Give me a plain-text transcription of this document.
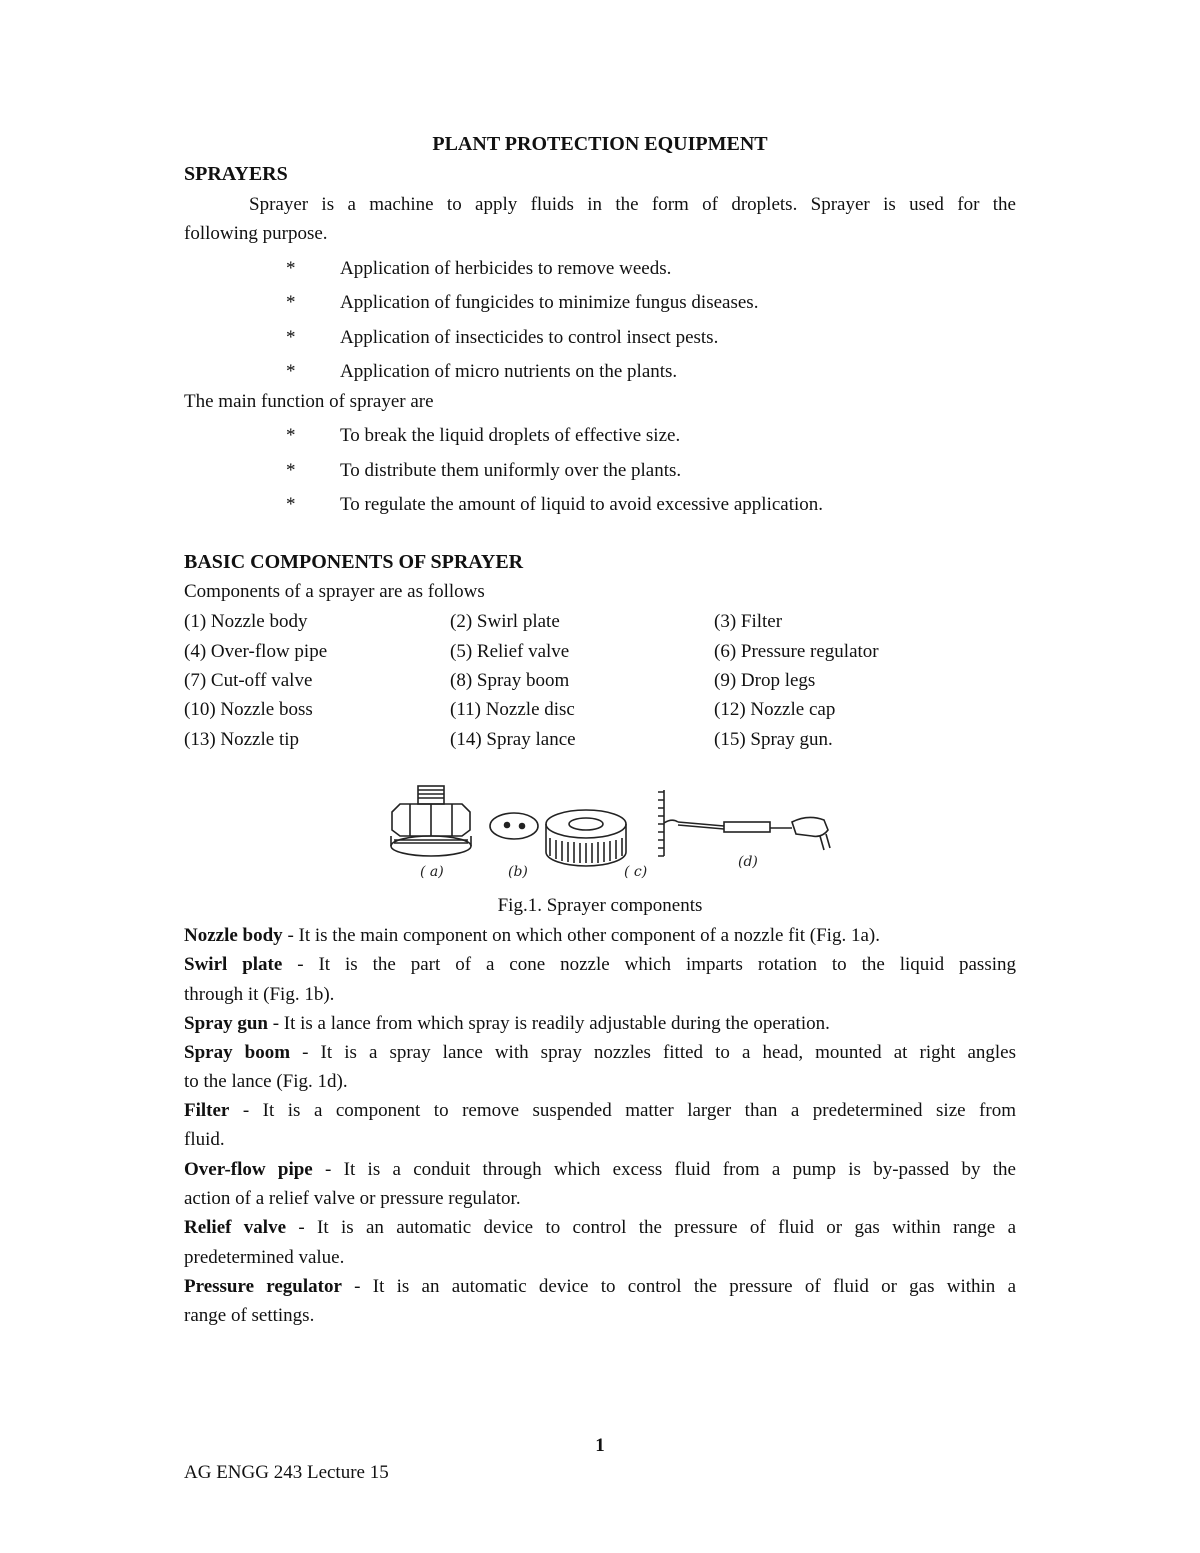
PLANT PROTECTION EQUIPMENT
SPRAYERS
Sprayer is a machine to apply fluids in the form of droplets. Sprayer is used for the
following purpose.
*	Application of herbicides to remove weeds.
*	Application of fungicides to minimize fungus diseases.
*	Application of insecticides to control insect pests.
*	Application of micro nutrients on the plants.
The main function of sprayer are
*	To break the liquid droplets of effective size.
*	To distribute them uniformly over the plants.
*	To regulate the amount of liquid to avoid excessive application.
BASIC COMPONENTS OF SPRAYER
Components of a sprayer are as follows
(1) Nozzle body	(2) Swirl plate	(3) Filter
(4) Over-flow pipe	(5) Relief valve	(6) Pressure regulator
(7) Cut-off valve	(8) Spray boom	(9) Drop legs
(10) Nozzle boss	(11) Nozzle disc	(12) Nozzle cap
(13) Nozzle tip	(14) Spray lance	(15) Spray gun.
( a)	(b)	( c)
(d)
Fig.1. Sprayer components
Nozzle body - It is the main component on which other component of a nozzle fit (Fig. 1a).
Swirl plate - It is the part of a cone nozzle which imparts rotation to the liquid passing
through it (Fig. 1b).
Spray gun - It is a lance from which spray is readily adjustable during the operation.
Spray boom - It is a spray lance with spray nozzles fitted to a head, mounted at right angles
to the lance (Fig. 1d).
Filter - It is a component to remove suspended matter larger than a predetermined size from
fluid.
Over-flow pipe - It is a conduit through which excess fluid from a pump is by-passed by the
action of a relief valve or pressure regulator.
Relief valve - It is an automatic device to control the pressure of fluid or gas within range a
predetermined value.
Pressure regulator - It is an automatic device to control the pressure of fluid or gas within a
range of settings.
1
AG ENGG 243 Lecture 15
